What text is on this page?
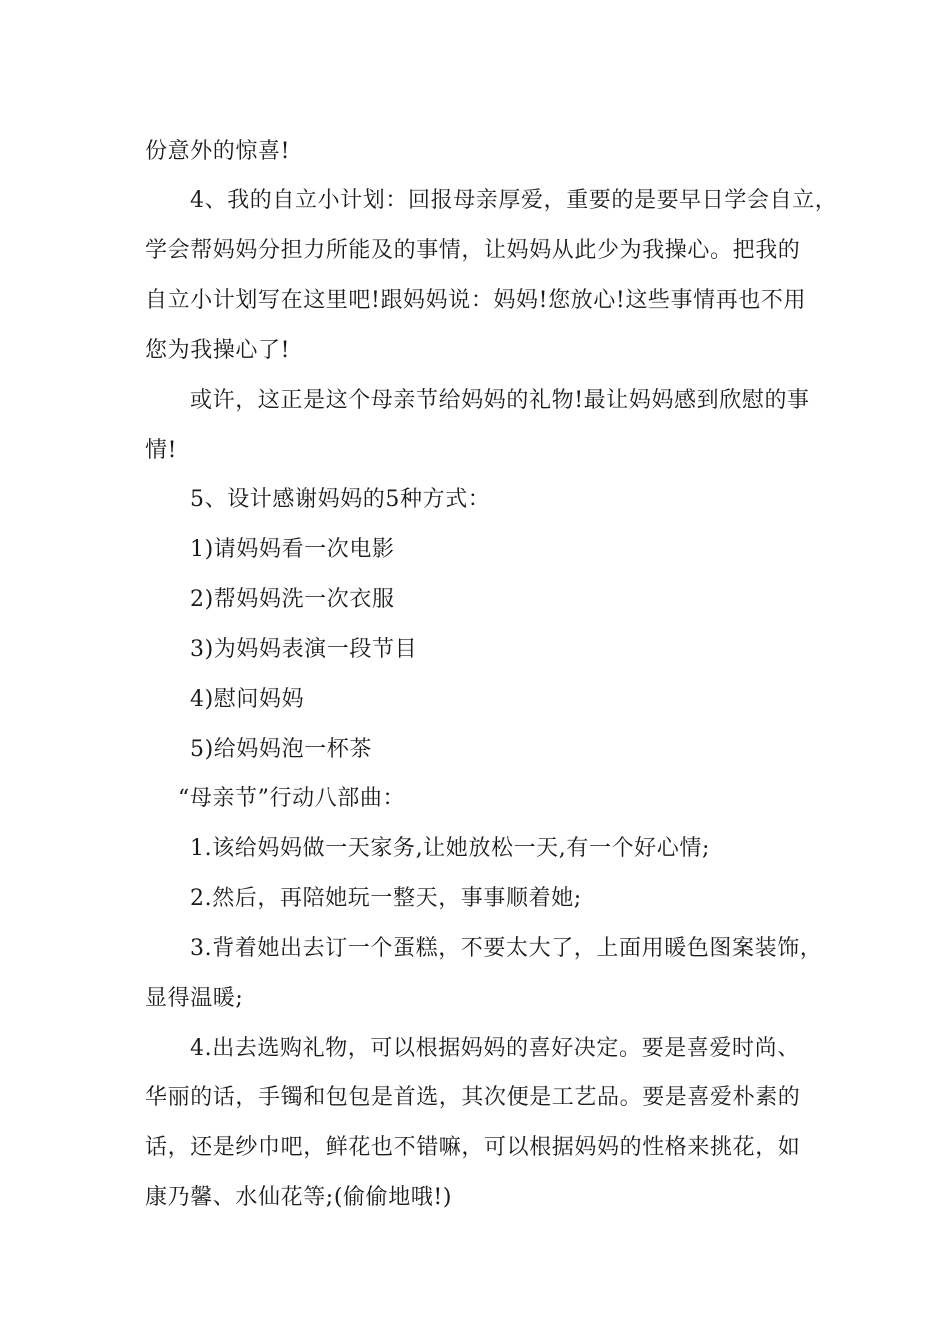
份意外的惊喜!

4、我的自立小计划：回报母亲厚爱，重要的是要早日学会自立，

学会帮妈妈分担力所能及的事情，让妈妈从此少为我操心。把我的

自立小计划写在这里吧!跟妈妈说：妈妈!您放心!这些事情再也不用

您为我操心了!

或许，这正是这个母亲节给妈妈的礼物!最让妈妈感到欣慰的事

情!

5、设计感谢妈妈的5种方式：

1)请妈妈看一次电影

2)帮妈妈洗一次衣服

3)为妈妈表演一段节目

4)慰问妈妈

5)给妈妈泡一杯茶

“母亲节”行动八部曲：

1.该给妈妈做一天家务,让她放松一天,有一个好心情;

2.然后，再陪她玩一整天，事事顺着她;

3.背着她出去订一个蛋糕，不要太大了，上面用暖色图案装饰，

显得温暖;

4.出去选购礼物，可以根据妈妈的喜好决定。要是喜爱时尚、

华丽的话，手镯和包包是首选，其次便是工艺品。要是喜爱朴素的

话，还是纱巾吧，鲜花也不错嘛，可以根据妈妈的性格来挑花，如

康乃馨、水仙花等;(偷偷地哦!)
